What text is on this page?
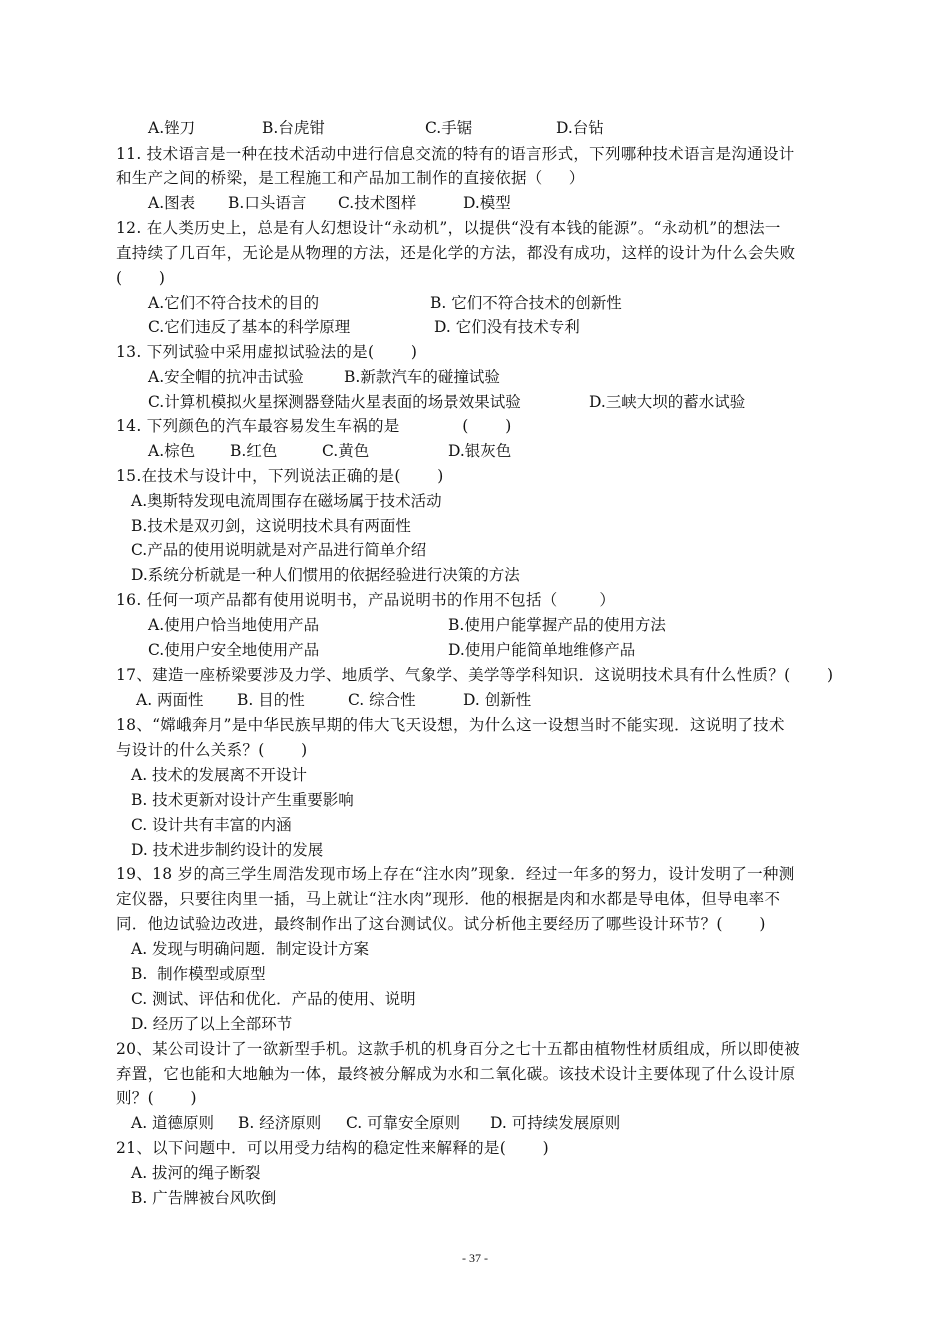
A.锉刀	B.台虎钳	C.手锯	D.台钻
11. 技术语言是一种在技术活动中进行信息交流的特有的语言形式，下列哪种技术语言是沟通设计
和生产之间的桥梁，是工程施工和产品加工制作的直接依据（     ）
A.图表 B.口头语言 C.技术图样	D.模型
12. 在人类历史上，总是有人幻想设计“永动机”，以提供“没有本钱的能源”。“永动机”的想法一
直持续了几百年，无论是从物理的方法，还是化学的方法，都没有成功，这样的设计为什么会失败
(       )
A.它们不符合技术的目的	B. 它们不符合技术的创新性
C.它们违反了基本的科学原理	D. 它们没有技术专利
13. 下列试验中采用虚拟试验法的是(       )
A.安全帽的抗冲击试验	B.新款汽车的碰撞试验
C.计算机模拟火星探测器登陆火星表面的场景效果试验	D.三峡大坝的蓄水试验
14. 下列颜色的汽车最容易发生车祸的是            (       )
A.棕色 B.红色	C.黄色	D.银灰色
15.在技术与设计中，下列说法正确的是(       )
A.奥斯特发现电流周围存在磁场属于技术活动
B.技术是双刃剑，这说明技术具有两面性
C.产品的使用说明就是对产品进行简单介绍
D.系统分析就是一种人们惯用的依据经验进行决策的方法
16. 任何一项产品都有使用说明书，产品说明书的作用不包括（        ）
A.使用户恰当地使用产品	B.使用户能掌握产品的使用方法
C.使用户安全地使用产品	D.使用户能简单地维修产品
17、建造一座桥梁要涉及力学、地质学、气象学、美学等学科知识．这说明技术具有什么性质？(       )
A. 两面性 B. 目的性	C. 综合性	D. 创新性
18、“嫦峨奔月”是中华民族早期的伟大飞天设想，为什么这一设想当时不能实现．这说明了技术
与设计的什么关系？(       )
A. 技术的发展离不开设计
B. 技术更新对设计产生重要影响
C. 设计共有丰富的内涵
D. 技术进步制约设计的发展
19、18 岁的高三学生周浩发现市场上存在“注水肉”现象．经过一年多的努力，设计发明了一种测
定仪器，只要往肉里一插，马上就让“注水肉”现形．他的根据是肉和水都是导电体，但导电率不
同．他边试验边改进，最终制作出了这台测试仪。试分析他主要经历了哪些设计环节？(       )
A. 发现与明确问题．制定设计方案
B.  制作模型或原型
C. 测试、评估和优化．产品的使用、说明
D. 经历了以上全部环节
20、某公司设计了一欲新型手机。这款手机的机身百分之七十五都由植物性材质组成，所以即使被
弃置，它也能和大地触为一体，最终被分解成为水和二氧化碳。该技术设计主要体现了什么设计原
则？(       )
A. 道德原则 B. 经济原则 C. 可靠安全原则 D. 可持续发展原则
21、以下问题中．可以用受力结构的稳定性来解释的是(       )
A. 拔河的绳子断裂
B. 广告牌被台风吹倒
- 37 -
